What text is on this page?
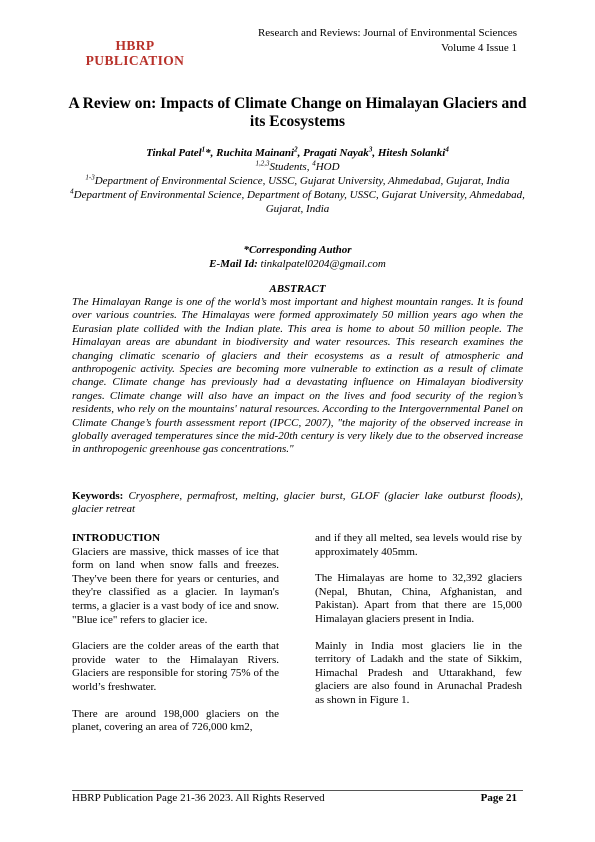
HBRP
PUBLICATION
Research and Reviews: Journal of Environmental Sciences
Volume 4 Issue 1
A Review on: Impacts of Climate Change on Himalayan Glaciers and its Ecosystems
Tinkal Patel$^1$*, Ruchita Mainani$^2$, Pragati Nayak$^3$, Hitesh Solanki$^4$
$^{1,2,3}$Students, $^4$HOD
$^{1-3}$Department of Environmental Science, USSC, Gujarat University, Ahmedabad, Gujarat, India
$^4$Department of Environmental Science, Department of Botany, USSC, Gujarat University, Ahmedabad, Gujarat, India
*Corresponding Author
E-Mail Id: tinkalpatel0204@gmail.com
ABSTRACT
The Himalayan Range is one of the world’s most important and highest mountain ranges. It is found over various countries. The Himalayas were formed approximately 50 million years ago when the Eurasian plate collided with the Indian plate. This area is home to about 50 million people. The Himalayan areas are abundant in biodiversity and water resources. This research examines the changing climatic scenario of glaciers and their ecosystems as a result of atmospheric and anthropogenic activity. Species are becoming more vulnerable to extinction as a result of climate change. Climate change has previously had a devastating influence on Himalayan biodiversity ranges. Climate change will also have an impact on the lives and food security of the region’s residents, who rely on the mountains' natural resources. According to the Intergovernmental Panel on Climate Change’s fourth assessment report (IPCC, 2007), "the majority of the observed increase in globally averaged temperatures since the mid-20th century is very likely due to the observed increase in anthropogenic greenhouse gas concentrations."
Keywords: Cryosphere, permafrost, melting, glacier burst, GLOF (glacier lake outburst floods), glacier retreat
INTRODUCTION

Glaciers are massive, thick masses of ice that form on land when snow falls and freezes. They've been there for years or centuries, and they're classified as a glacier. In layman's terms, a glacier is a vast body of ice and snow. "Blue ice" refers to glacier ice.

Glaciers are the colder areas of the earth that provide water to the Himalayan Rivers. Glaciers are responsible for storing 75% of the world’s freshwater.

There are around 198,000 glaciers on the planet, covering an area of 726,000 km2,

and if they all melted, sea levels would rise by approximately 405mm.

The Himalayas are home to 32,392 glaciers (Nepal, Bhutan, China, Afghanistan, and Pakistan). Apart from that there are 15,000 Himalayan glaciers present in India.

Mainly in India most glaciers lie in the territory of Ladakh and the state of Sikkim, Himachal Pradesh and Uttarakhand, few glaciers are also found in Arunachal Pradesh as shown in Figure 1.

HBRP Publication Page 21-36 2023. All Rights Reserved	Page 21
